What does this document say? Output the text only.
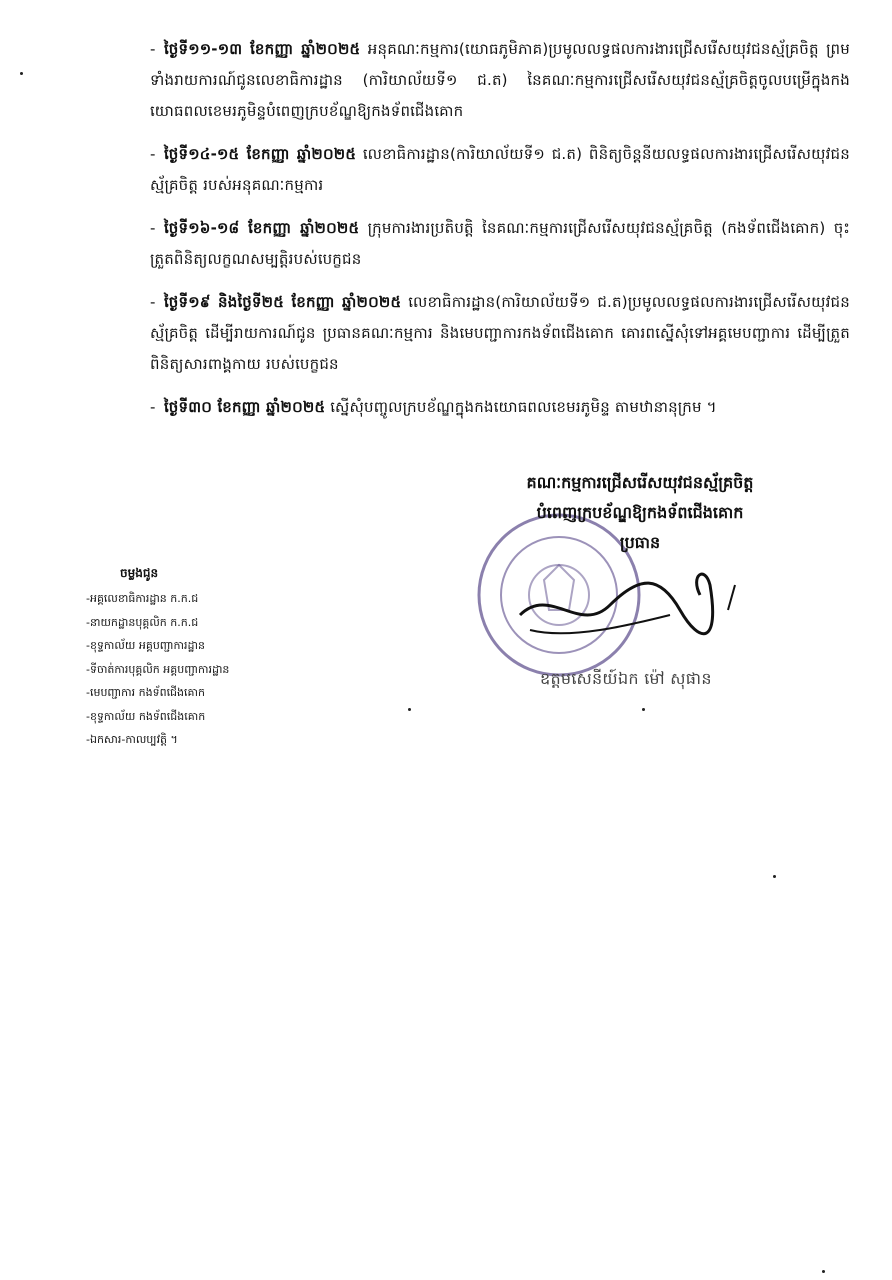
- ថ្ងៃទី១១-១៣ ខែកញ្ញា ឆ្នាំ២០២៥ អនុគណៈកម្មការ(យោធភូមិភាគ)ប្រមូលលទ្ធផលការងារជ្រើសរើសយុវជនស្ម័គ្រចិត្ត ព្រមទាំងរាយការណ៍ជូនលេខាធិការដ្ឋាន (ការិយាល័យទី១ ជ.ត) នៃគណៈកម្មការជ្រើសរើសយុវជនស្ម័គ្រចិត្តចូលបម្រើក្នុងកងយោធពលខេមរភូមិន្ទបំពេញក្របខ័ណ្ឌឱ្យកងទ័ពជើងគោក
- ថ្ងៃទី១៤-១៥ ខែកញ្ញា ឆ្នាំ២០២៥ លេខាធិការដ្ឋាន(ការិយាល័យទី១ ជ.ត) ពិនិត្យចិន្តនីយលទ្ធផលការងារជ្រើសរើសយុវជនស្ម័គ្រចិត្ត របស់អនុគណៈកម្មការ
- ថ្ងៃទី១៦-១៨ ខែកញ្ញា ឆ្នាំ២០២៥ ក្រុមការងារប្រតិបត្តិ នៃគណៈកម្មការជ្រើសរើសយុវជនស្ម័គ្រចិត្ត (កងទ័ពជើងគោក) ចុះត្រួតពិនិត្យលក្ខណសម្បត្តិរបស់បេក្ខជន
- ថ្ងៃទី១៩ និងថ្ងៃទី២៥ ខែកញ្ញា ឆ្នាំ២០២៥ លេខាធិការដ្ឋាន(ការិយាល័យទី១ ជ.ត)ប្រមូលលទ្ធផលការងារជ្រើសរើសយុវជនស្ម័គ្រចិត្ត ដើម្បីរាយការណ៍ជូន ប្រធានគណៈកម្មការ និងមេបញ្ជាការកងទ័ពជើងគោក គោរពស្នើសុំទៅអគ្គមេបញ្ជាការ ដើម្បីត្រួតពិនិត្យសារពាង្គកាយ របស់បេក្ខជន
- ថ្ងៃទី៣០ ខែកញ្ញា ឆ្នាំ២០២៥ ស្នើសុំបញ្ចូលក្របខ័ណ្ឌក្នុងកងយោធពលខេមរភូមិន្ទ តាមឋានានុក្រម ។
គណៈកម្មការជ្រើសរើសយុវជនស្ម័គ្រចិត្ត
បំពេញក្របខ័ណ្ឌឱ្យកងទ័ពជើងគោក
ប្រធាន
ឧត្តមសេនីយ៍ឯក ម៉ៅ សុផាន
ចម្លងជូន
-អគ្គលេខាធិការដ្ឋាន ក.ក.ជ
-នាយកដ្ឋានបុគ្គលិក ក.ក.ជ
-ខុទ្ទកាល័យ អគ្គបញ្ជាការដ្ឋាន
-ទីចាត់ការបុគ្គលិក អគ្គបញ្ជាការដ្ឋាន
-មេបញ្ជាការ កងទ័ពជើងគោក
-ខុទ្ទកាល័យ កងទ័ពជើងគោក
-ឯកសារ-កាលប្បវត្តិ ។
